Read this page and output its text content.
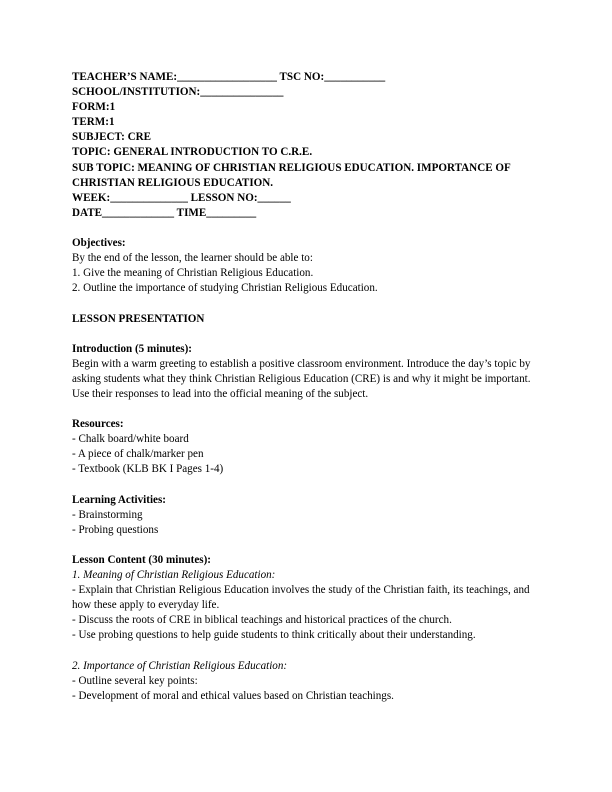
TEACHER’S NAME:__________________ TSC NO:___________
SCHOOL/INSTITUTION:_______________
FORM:1
TERM:1
SUBJECT: CRE
TOPIC: GENERAL INTRODUCTION TO C.R.E.
SUB TOPIC: MEANING OF CHRISTIAN RELIGIOUS EDUCATION. IMPORTANCE OF CHRISTIAN RELIGIOUS EDUCATION.
WEEK:______________ LESSON NO:______
DATE_____________ TIME_________
Objectives:
By the end of the lesson, the learner should be able to:
1. Give the meaning of Christian Religious Education.
2. Outline the importance of studying Christian Religious Education.
LESSON PRESENTATION
Introduction (5 minutes):
Begin with a warm greeting to establish a positive classroom environment. Introduce the day’s topic by asking students what they think Christian Religious Education (CRE) is and why it might be important. Use their responses to lead into the official meaning of the subject.
Resources:
- Chalk board/white board
- A piece of chalk/marker pen
- Textbook (KLB BK I Pages 1-4)
Learning Activities:
- Brainstorming
- Probing questions
Lesson Content (30 minutes):
1. Meaning of Christian Religious Education:
- Explain that Christian Religious Education involves the study of the Christian faith, its teachings, and how these apply to everyday life.
- Discuss the roots of CRE in biblical teachings and historical practices of the church.
- Use probing questions to help guide students to think critically about their understanding.
2. Importance of Christian Religious Education:
- Outline several key points:
- Development of moral and ethical values based on Christian teachings.
